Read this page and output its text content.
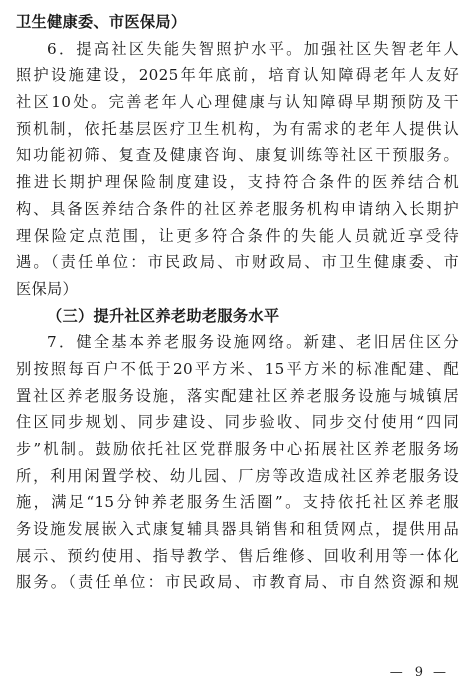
卫生健康委、市医保局）
6．提高社区失能失智照护水平。加强社区失智老年人
照护设施建设，2025年年底前，培育认知障碍老年人友好
社区10处。完善老年人心理健康与认知障碍早期预防及干
预机制，依托基层医疗卫生机构，为有需求的老年人提供认
知功能初筛、复查及健康咨询、康复训练等社区干预服务。
推进长期护理保险制度建设，支持符合条件的医养结合机
构、具备医养结合条件的社区养老服务机构申请纳入长期护
理保险定点范围，让更多符合条件的失能人员就近享受待
遇。（责任单位：市民政局、市财政局、市卫生健康委、市
医保局）
（三）提升社区养老助老服务水平
7．健全基本养老服务设施网络。新建、老旧居住区分
别按照每百户不低于20平方米、15平方米的标准配建、配
置社区养老服务设施，落实配建社区养老服务设施与城镇居
住区同步规划、同步建设、同步验收、同步交付使用“四同
步”机制。鼓励依托社区党群服务中心拓展社区养老服务场
所，利用闲置学校、幼儿园、厂房等改造成社区养老服务设
施，满足“15分钟养老服务生活圈”。支持依托社区养老服
务设施发展嵌入式康复辅具器具销售和租赁网点，提供用品
展示、预约使用、指导教学、售后维修、回收利用等一体化
服务。（责任单位：市民政局、市教育局、市自然资源和规
— 9 —
